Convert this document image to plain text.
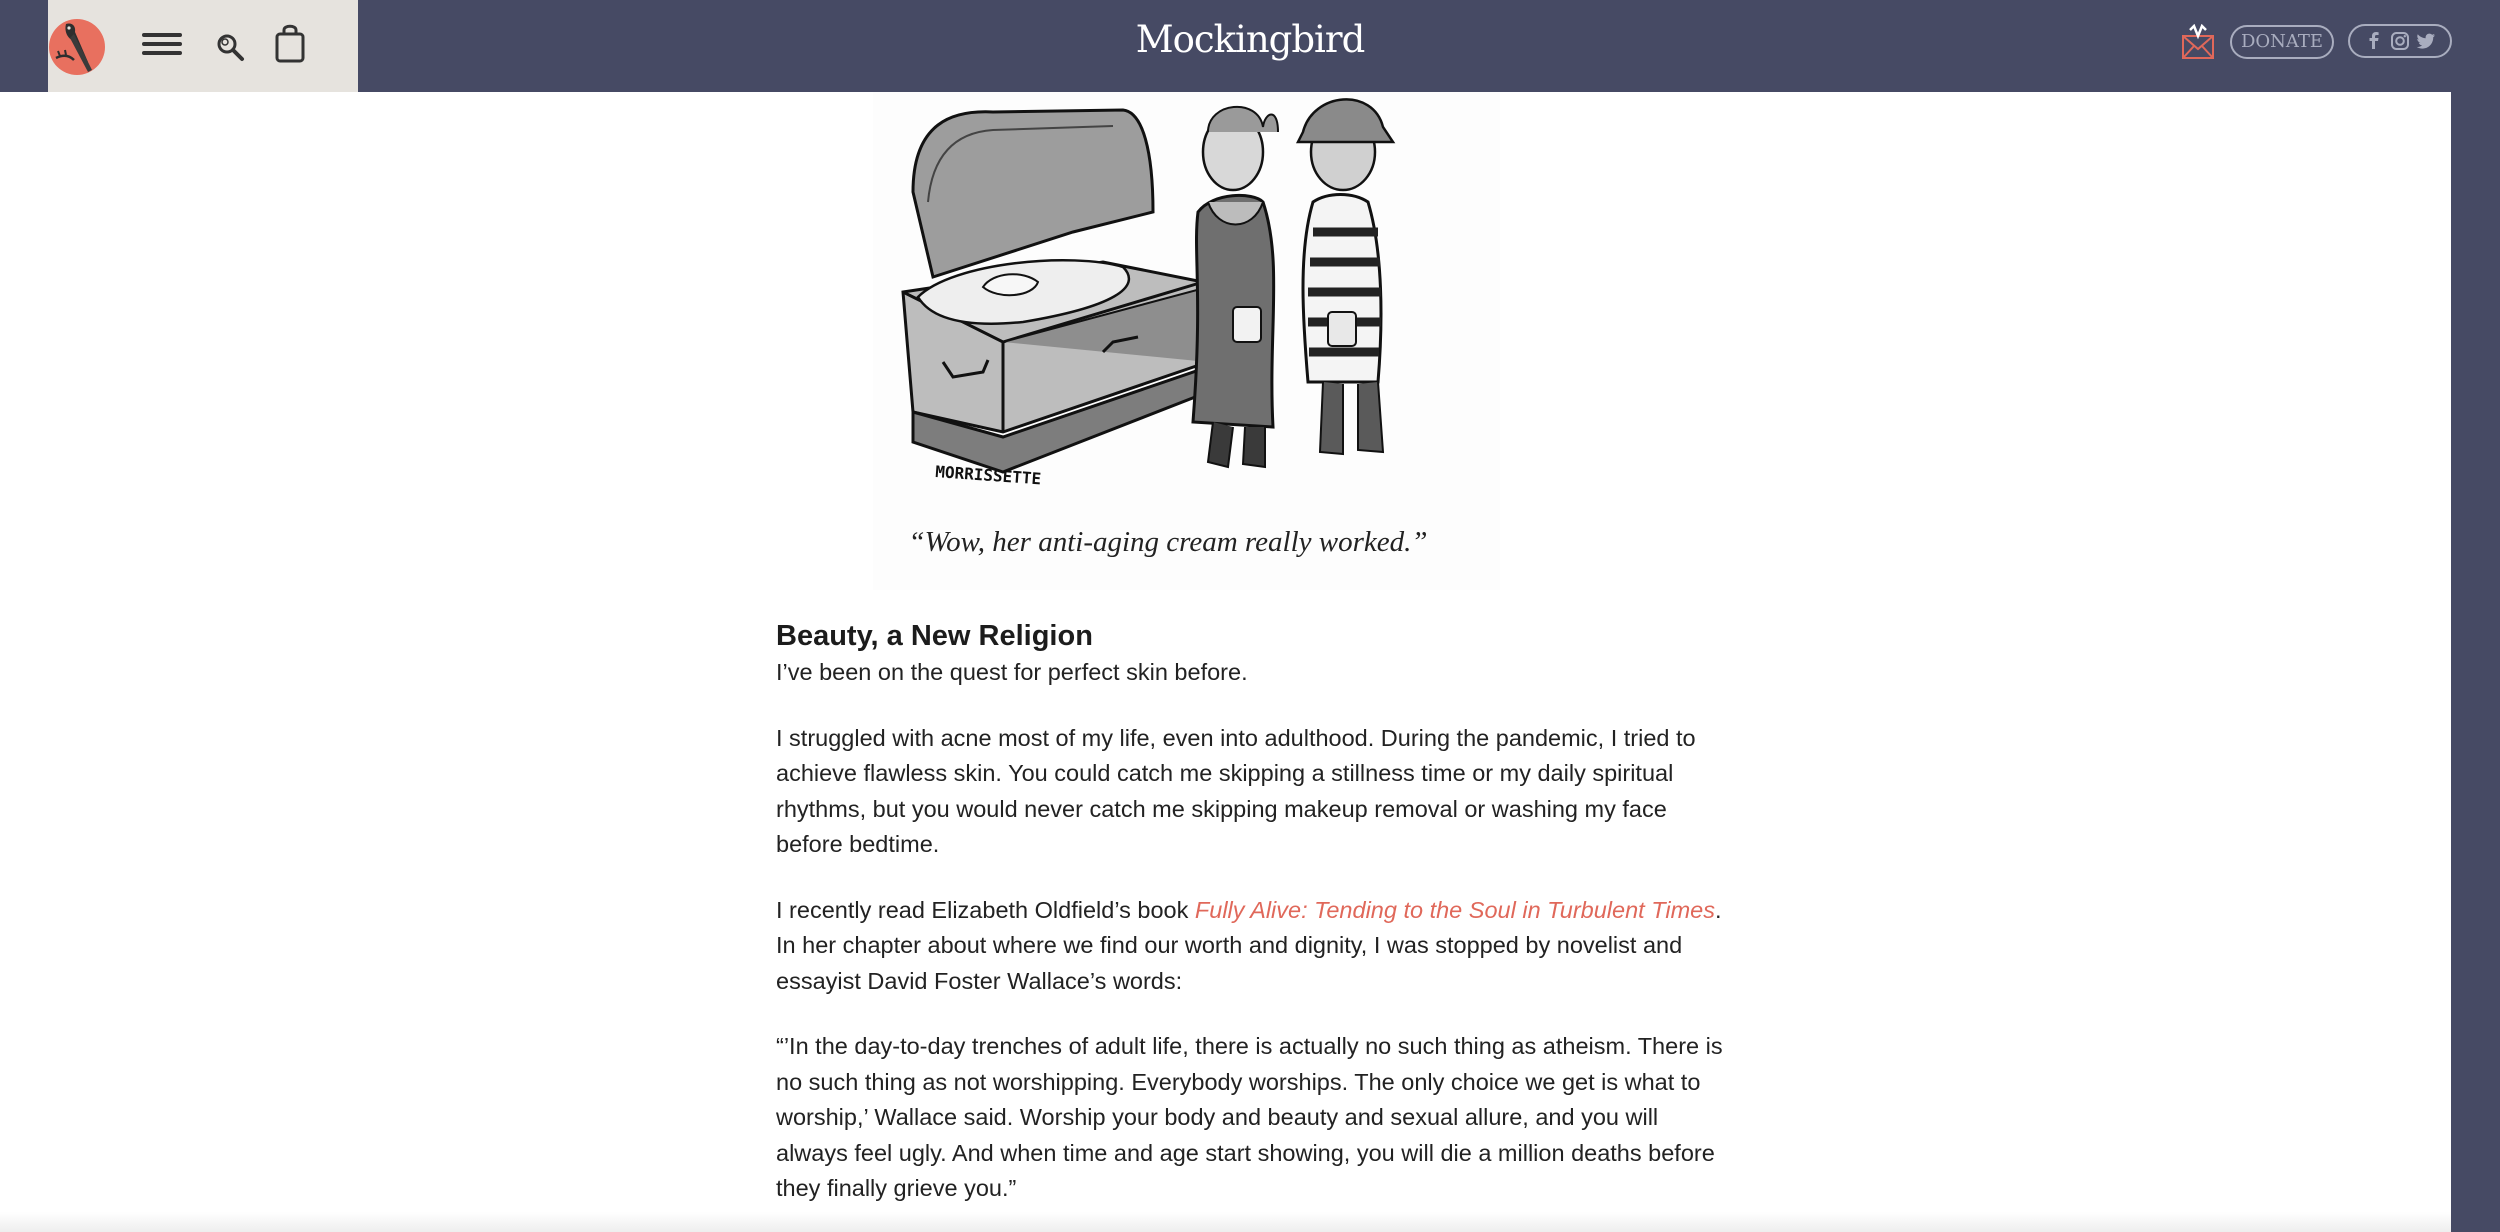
Mockingbird	DONATE
MORRISSETTE
“Wow, her anti-aging cream really worked.”
Beauty, a New Religion

I’ve been on the quest for perfect skin before.

I struggled with acne most of my life, even into adulthood. During the pandemic, I tried to achieve flawless skin. You could catch me skipping a stillness time or my daily spiritual rhythms, but you would never catch me skipping makeup removal or washing my face before bedtime.

I recently read Elizabeth Oldfield’s book Fully Alive: Tending to the Soul in Turbulent Times. In her chapter about where we find our worth and dignity, I was stopped by novelist and essayist David Foster Wallace’s words:

“’In the day-to-day trenches of adult life, there is actually no such thing as atheism. There is no such thing as not worshipping. Everybody worships. The only choice we get is what to worship,’ Wallace said. Worship your body and beauty and sexual allure, and you will always feel ugly. And when time and age start showing, you will die a million deaths before they finally grieve you.”
